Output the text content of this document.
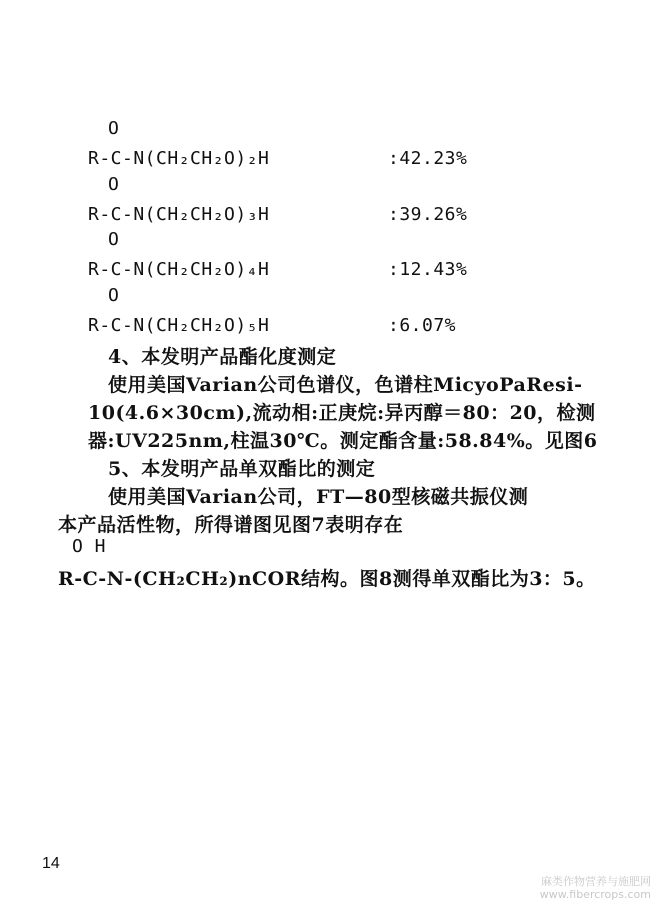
O
R-C-N(CH₂CH₂O)₂H	:42.23%
O
R-C-N(CH₂CH₂O)₃H	:39.26%
O
R-C-N(CH₂CH₂O)₄H	:12.43%
O
R-C-N(CH₂CH₂O)₅H	:6.07%
4、本发明产品酯化度测定
使用美国Varian公司色谱仪，色谱柱MicyoPaResi-
10(4.6×30cm),流动相:正庚烷:异丙醇＝80：20，检测
器:UV225nm,柱温30℃。测定酯含量:58.84%。见图6
5、本发明产品单双酯比的测定
使用美国Varian公司，FT—80型核磁共振仪测
本产品活性物，所得谱图见图7表明存在
O H
R-C-N-(CH₂CH₂)nCOR结构。图8测得单双酯比为3：5。
14
麻类作物营养与施肥网
www.fibercrops.com
